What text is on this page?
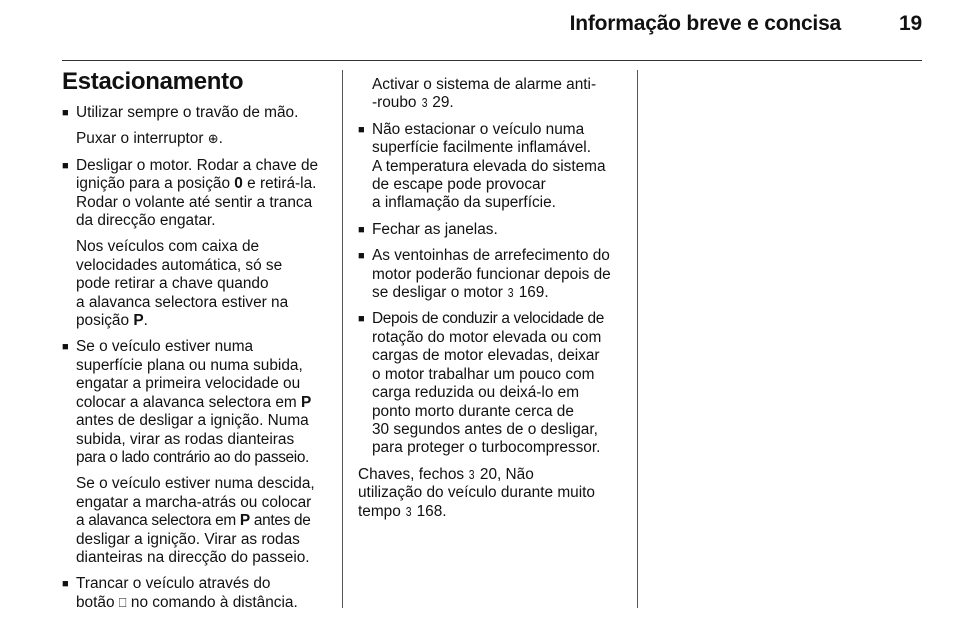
Informação breve e concisa	19
Estacionamento
■ Utilizar sempre o travão de mão.
Puxar o interruptor ⊕.
■ Desligar o motor. Rodar a chave de
ignição para a posição 0 e retirá-la.
Rodar o volante até sentir a tranca
da direcção engatar.
Nos veículos com caixa de
velocidades automática, só se
pode retirar a chave quando
a alavanca selectora estiver na
posição P.
■ Se o veículo estiver numa
superfície plana ou numa subida,
engatar a primeira velocidade ou
colocar a alavanca selectora em P
antes de desligar a ignição. Numa
subida, virar as rodas dianteiras
para o lado contrário ao do passeio.
Se o veículo estiver numa descida,
engatar a marcha-atrás ou colocar
a alavanca selectora em P antes de
desligar a ignição. Virar as rodas
dianteiras na direcção do passeio.
■ Trancar o veículo através do
botão ⎕ no comando à distância.
Activar o sistema de alarme anti-
-roubo 3 29.
■ Não estacionar o veículo numa
superfície facilmente inflamável.
A temperatura elevada do sistema
de escape pode provocar
a inflamação da superfície.
■ Fechar as janelas.
■ As ventoinhas de arrefecimento do
motor poderão funcionar depois de
se desligar o motor 3 169.
■ Depois de conduzir a velocidade de
rotação do motor elevada ou com
cargas de motor elevadas, deixar
o motor trabalhar um pouco com
carga reduzida ou deixá-lo em
ponto morto durante cerca de
30 segundos antes de o desligar,
para proteger o turbocompressor.
Chaves, fechos 3 20, Não
utilização do veículo durante muito
tempo 3 168.
